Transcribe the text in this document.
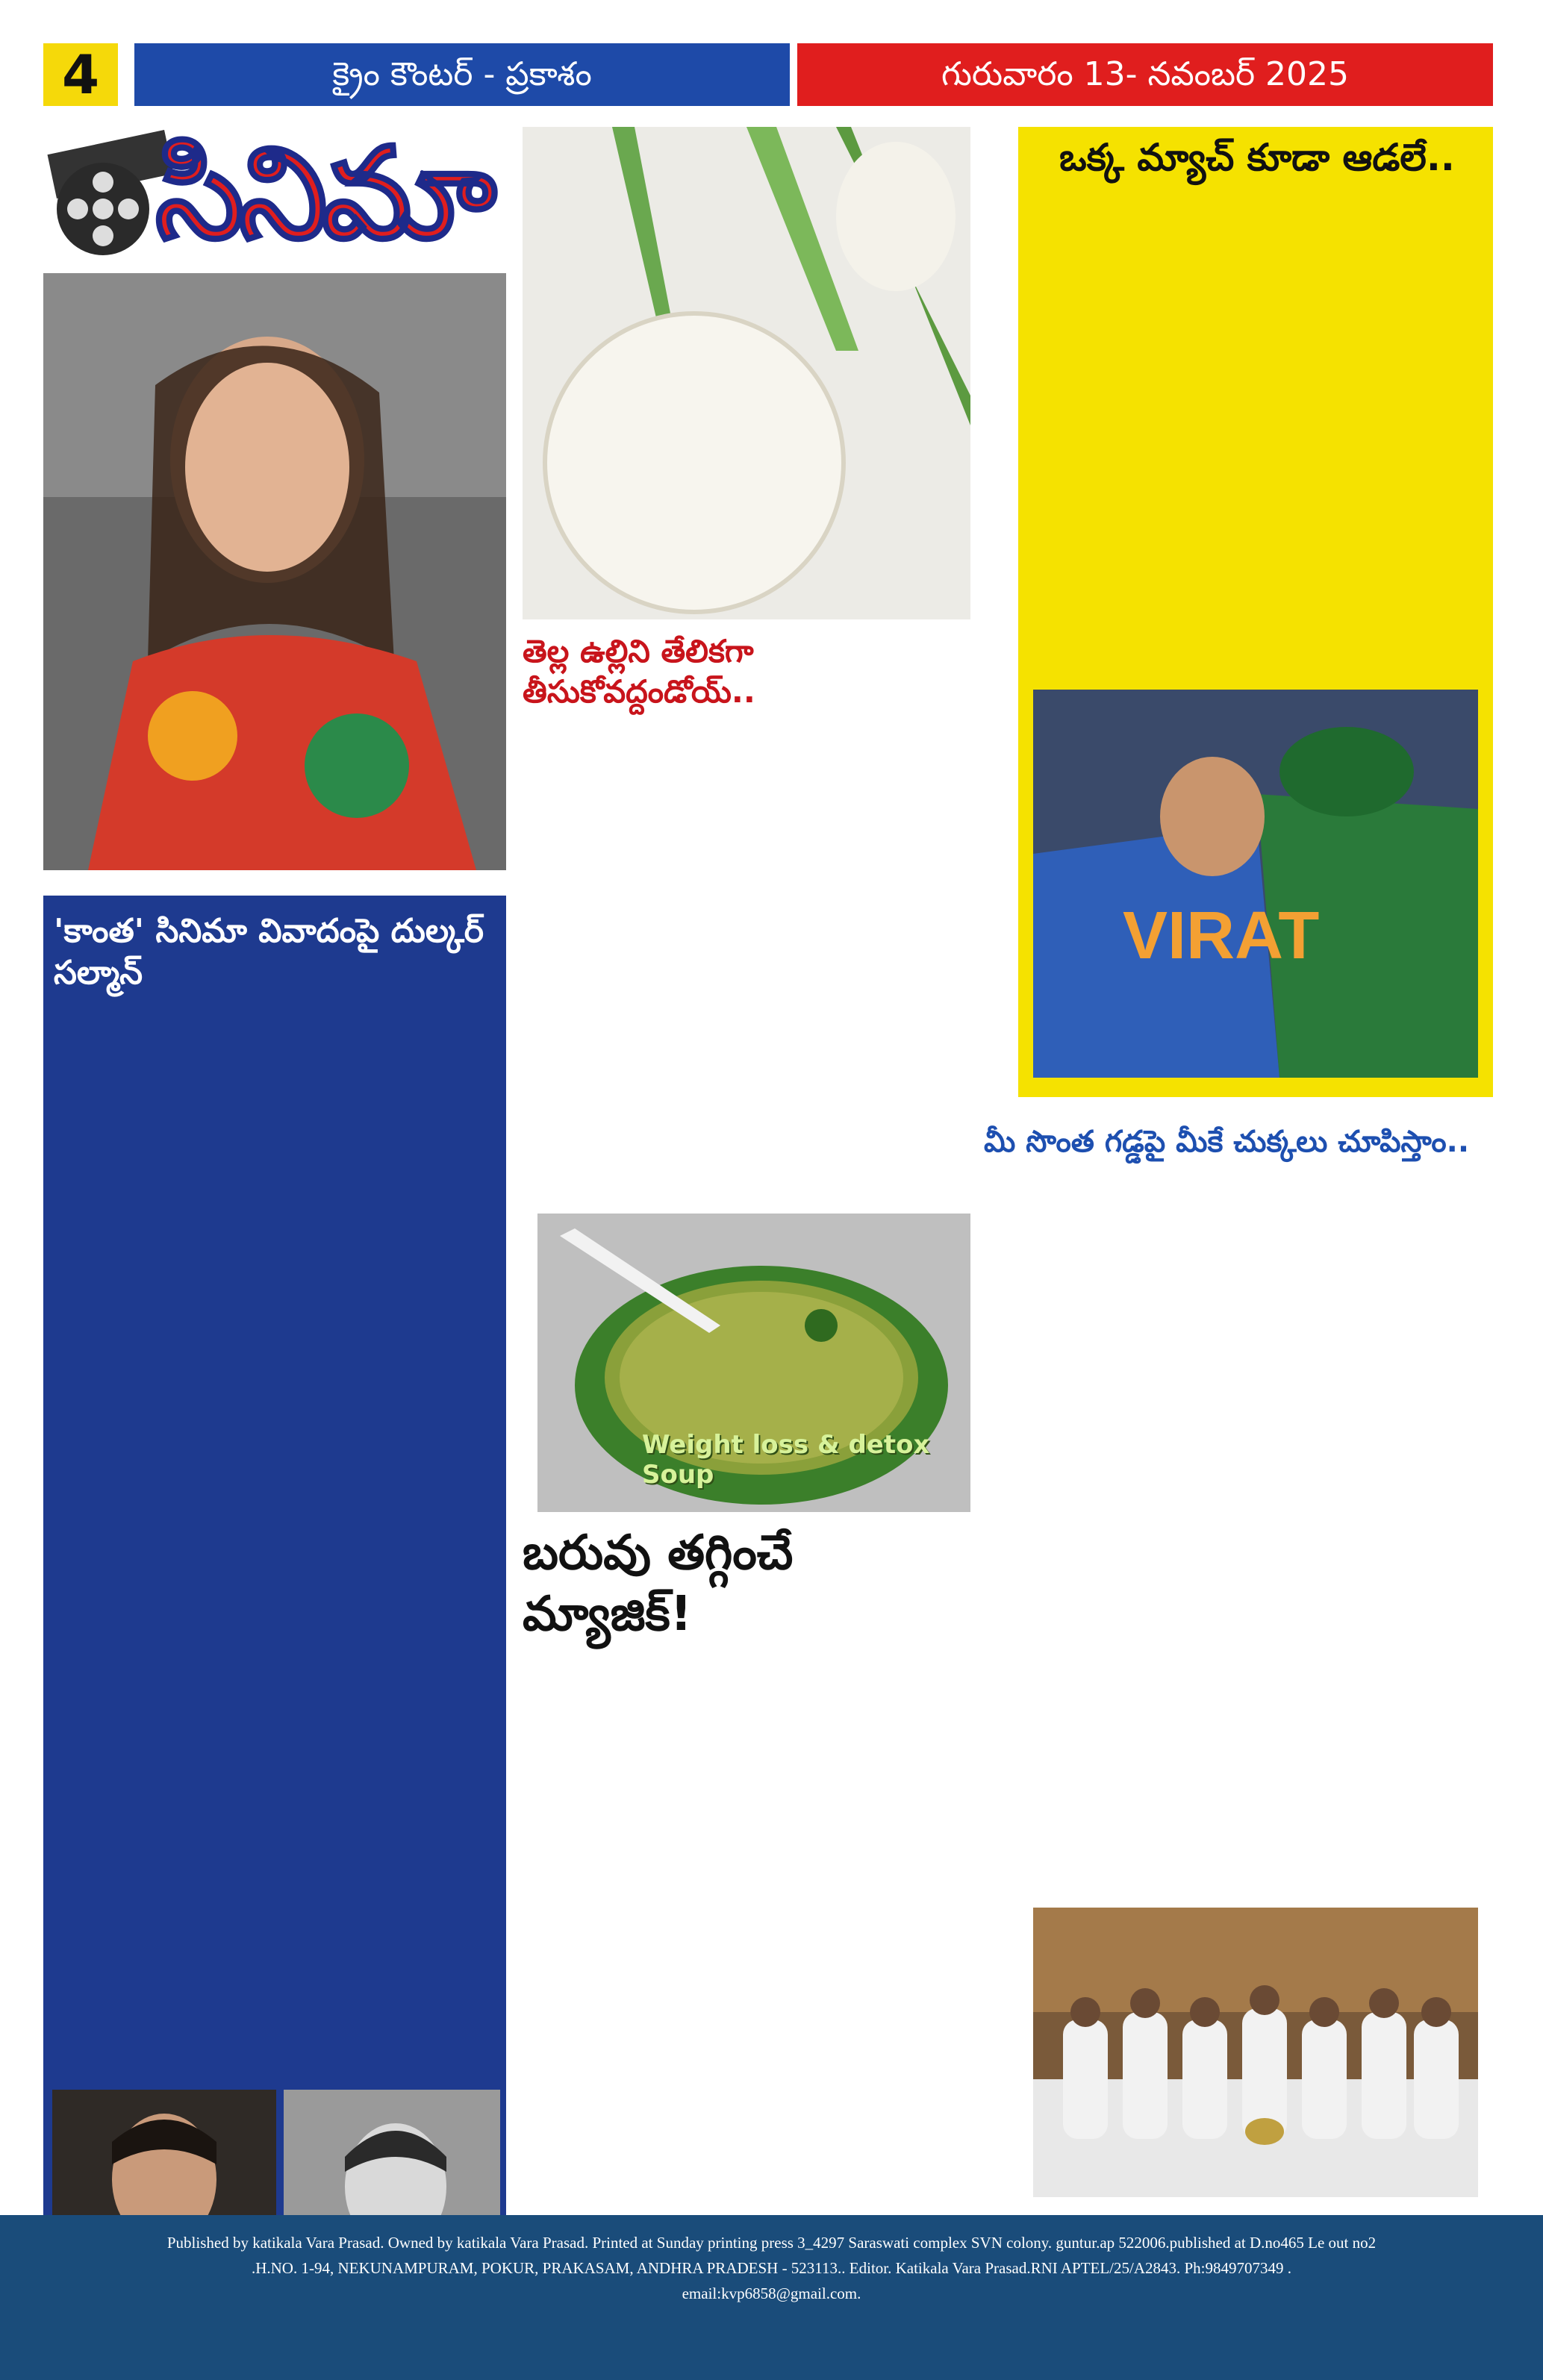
4	క్రైం కౌంటర్ - ప్రకాశం	గురువారం 13- నవంబర్ 2025
సినిమా
'కాంత' సినిమా వివాదంపై దుల్కర్ సల్మాన్
తెల్ల ఉల్లిని తేలికగా తీసుకోవద్దండోయ్..
Weight loss & detox Soup
బరువు తగ్గించే మ్యాజిక్!
ఒక్క మ్యాచ్ కూడా ఆడలే..
VIRAT
మీ సొంత గడ్డపై మీకే చుక్కలు చూపిస్తాం..
Published by katikala Vara Prasad. Owned by katikala Vara Prasad. Printed at Sunday printing press 3_4297 Saraswati complex SVN colony. guntur.ap 522006.published at D.no465 Le out no2
.H.NO. 1-94, NEKUNAMPURAM, POKUR, PRAKASAM, ANDHRA PRADESH - 523113.. Editor. Katikala Vara Prasad.RNI APTEL/25/A2843. Ph:9849707349 .
email:kvp6858@gmail.com.
